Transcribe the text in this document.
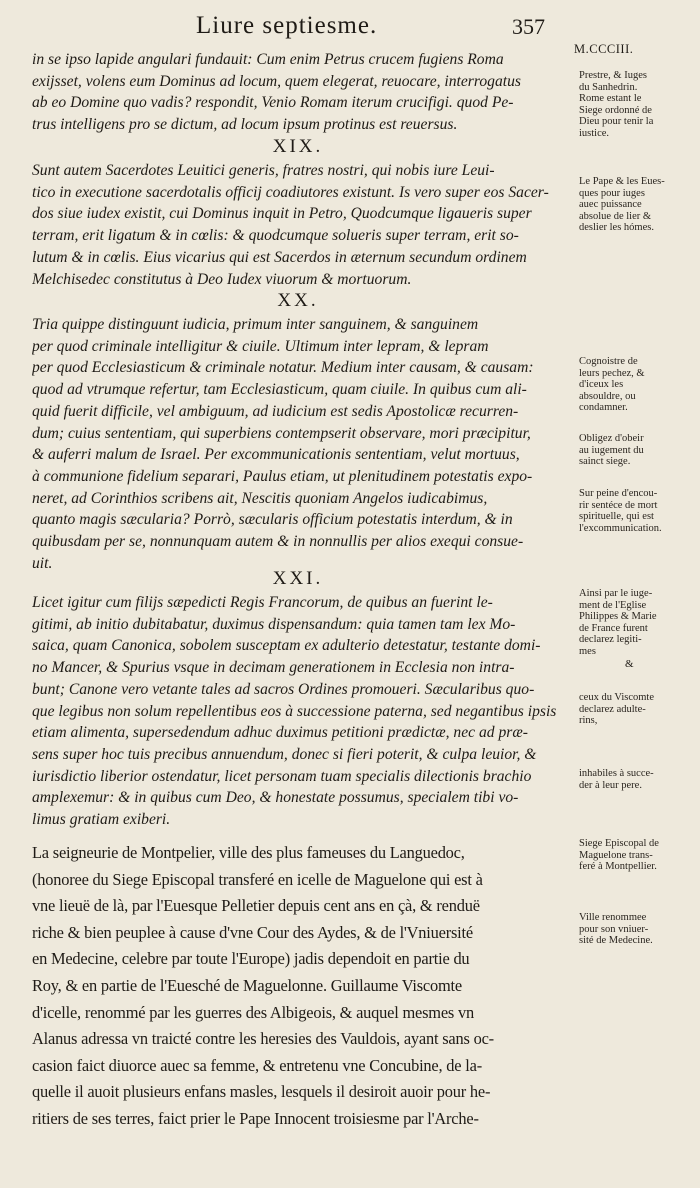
Liure septiesme.	357
M.CCCIII.
in se ipso lapide angulari fundauit: Cum enim Petrus crucem fugiens Roma
exijsset, volens eum Dominus ad locum, quem elegerat, reuocare, interrogatus
ab eo Domine quo vadis? respondit, Venio Romam iterum crucifigi. quod Pe-
trus intelligens pro se dictum, ad locum ipsum protinus est reuersus.
XIX.
Sunt autem Sacerdotes Leuitici generis, fratres nostri, qui nobis iure Leui-
tico in executione sacerdotalis officij coadiutores existunt. Is vero super eos Sacer-
dos siue iudex existit, cui Dominus inquit in Petro, Quodcumque ligaueris super
terram, erit ligatum & in cœlis: & quodcumque solueris super terram, erit so-
lutum & in cœlis. Eius vicarius qui est Sacerdos in æternum secundum ordinem
Melchisedec constitutus à Deo Iudex viuorum & mortuorum.
XX.
Tria quippe distinguunt iudicia, primum inter sanguinem, & sanguinem
per quod criminale intelligitur & ciuile. Ultimum inter lepram, & lepram
per quod Ecclesiasticum & criminale notatur. Medium inter causam, & causam:
quod ad vtrumque refertur, tam Ecclesiasticum, quam ciuile. In quibus cum ali-
quid fuerit difficile, vel ambiguum, ad iudicium est sedis Apostolicæ recurren-
dum; cuius sententiam, qui superbiens contempserit observare, mori præcipitur,
& auferri malum de Israel. Per excommunicationis sententiam, velut mortuus,
à communione fidelium separari, Paulus etiam, ut plenitudinem potestatis expo-
neret, ad Corinthios scribens ait, Nescitis quoniam Angelos iudicabimus,
quanto magis sæcularia? Porrò, sæcularis officium potestatis interdum, & in
quibusdam per se, nonnunquam autem & in nonnullis per alios exequi consue-
uit.
XXI.
Licet igitur cum filijs sæpedicti Regis Francorum, de quibus an fuerint le-
gitimi, ab initio dubitabatur, duximus dispensandum: quia tamen tam lex Mo-
saica, quam Canonica, sobolem susceptam ex adulterio detestatur, testante domi-
no Mancer, & Spurius vsque in decimam generationem in Ecclesia non intra-
bunt; Canone vero vetante tales ad sacros Ordines promoueri. Sæcularibus quo-
que legibus non solum repellentibus eos à successione paterna, sed negantibus ipsis
etiam alimenta, supersedendum adhuc duximus petitioni prædictæ, nec ad præ-
sens super hoc tuis precibus annuendum, donec si fieri poterit, & culpa leuior, &
iurisdictio liberior ostendatur, licet personam tuam specialis dilectionis brachio
amplexemur: & in quibus cum Deo, & honestate possumus, specialem tibi vo-
limus gratiam exiberi.
La seigneurie de Montpelier, ville des plus fameuses du Languedoc,
(honoree du Siege Episcopal transferé en icelle de Maguelone qui est à
vne lieuë de là, par l'Euesque Pelletier depuis cent ans en çà, & renduë
riche & bien peuplee à cause d'vne Cour des Aydes, & de l'Vniuersité
en Medecine, celebre par toute l'Europe) jadis dependoit en partie du
Roy, & en partie de l'Euesché de Maguelonne. Guillaume Viscomte
d'icelle, renommé par les guerres des Albigeois, & auquel mesmes vn
Alanus adressa vn traicté contre les heresies des Vauldois, ayant sans oc-
casion faict diuorce auec sa femme, & entretenu vne Concubine, de la-
quelle il auoit plusieurs enfans masles, lesquels il desiroit auoir pour he-
ritiers de ses terres, faict prier le Pape Innocent troisiesme par l'Arche-
Prestre, & Iuges
du Sanhedrin.
Rome estant le
Siege ordonné de
Dieu pour tenir la
iustice.
Le Pape & les Eues-
ques pour iuges
auec puissance
absolue de lier &
deslier les hómes.
Cognoistre de
leurs pechez, &
d'iceux les
absouldre, ou
condamner.
Obligez d'obeir
au iugement du
sainct siege.
Sur peine d'encou-
rir sentéce de mort
spirituelle, qui est
l'excommunication.
Ainsi par le iuge-
ment de l'Eglise
Philippes & Marie
de France furent
declarez legiti-
mes
&
ceux du Viscomte
declarez adulte-
rins,
inhabiles à succe-
der à leur pere.
Siege Episcopal de
Maguelone trans-
feré à Montpellier.
Ville renommee
pour son vniuer-
sité de Medecine.
